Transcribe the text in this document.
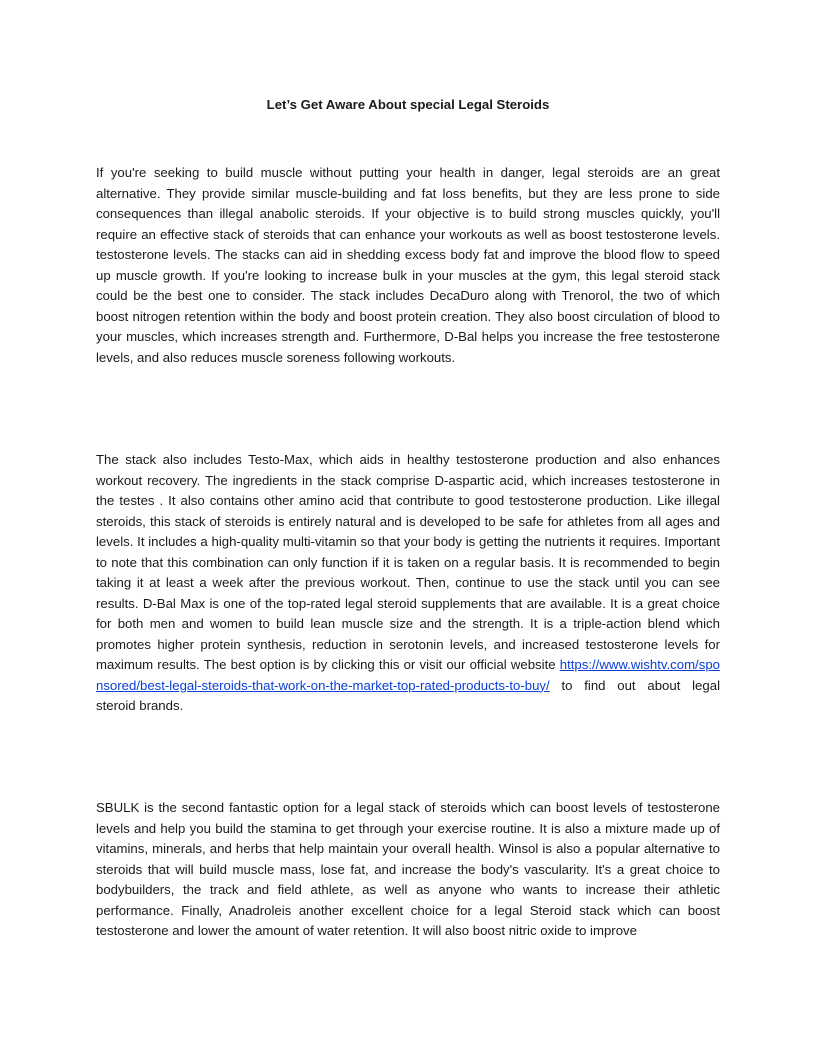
Let’s Get Aware About special Legal Steroids

If you're seeking to build muscle without putting your health in danger, legal steroids are an great alternative. They provide similar muscle-building and fat loss benefits, but they are less prone to side consequences than illegal anabolic steroids. If your objective is to build strong muscles quickly, you'll require an effective stack of steroids that can enhance your workouts as well as boost testosterone levels. testosterone levels. The stacks can aid in shedding excess body fat and improve the blood flow to speed up muscle growth. If you're looking to increase bulk in your muscles at the gym, this legal steroid stack could be the best one to consider. The stack includes DecaDuro along with Trenorol, the two of which boost nitrogen retention within the body and boost protein creation. They also boost circulation of blood to your muscles, which increases strength and. Furthermore, D-Bal helps you increase the free testosterone levels, and also reduces muscle soreness following workouts.

The stack also includes Testo-Max, which aids in healthy testosterone production and also enhances workout recovery. The ingredients in the stack comprise D-aspartic acid, which increases testosterone in the testes . It also contains other amino acid that contribute to good testosterone production. Like illegal steroids, this stack of steroids is entirely natural and is developed to be safe for athletes from all ages and levels. It includes a high-quality multi-vitamin so that your body is getting the nutrients it requires. Important to note that this combination can only function if it is taken on a regular basis. It is recommended to begin taking it at least a week after the previous workout. Then, continue to use the stack until you can see results. D-Bal Max is one of the top-rated legal steroid supplements that are available. It is a great choice for both men and women to build lean muscle size and the strength. It is a triple-action blend which promotes higher protein synthesis, reduction in serotonin levels, and increased testosterone levels for maximum results. The best option is by clicking this or visit our official website https://www.wishtv.com/sponsored/best-legal-steroids-that-work-on-the-market-top-rated-products-to-buy/ to find out about legal steroid brands.

SBULK is the second fantastic option for a legal stack of steroids which can boost levels of testosterone levels and help you build the stamina to get through your exercise routine. It is also a mixture made up of vitamins, minerals, and herbs that help maintain your overall health. Winsol is also a popular alternative to steroids that will build muscle mass, lose fat, and increase the body's vascularity. It's a great choice to bodybuilders, the track and field athlete, as well as anyone who wants to increase their athletic performance. Finally, Anadroleis another excellent choice for a legal Steroid stack which can boost testosterone and lower the amount of water retention. It will also boost nitric oxide to improve
